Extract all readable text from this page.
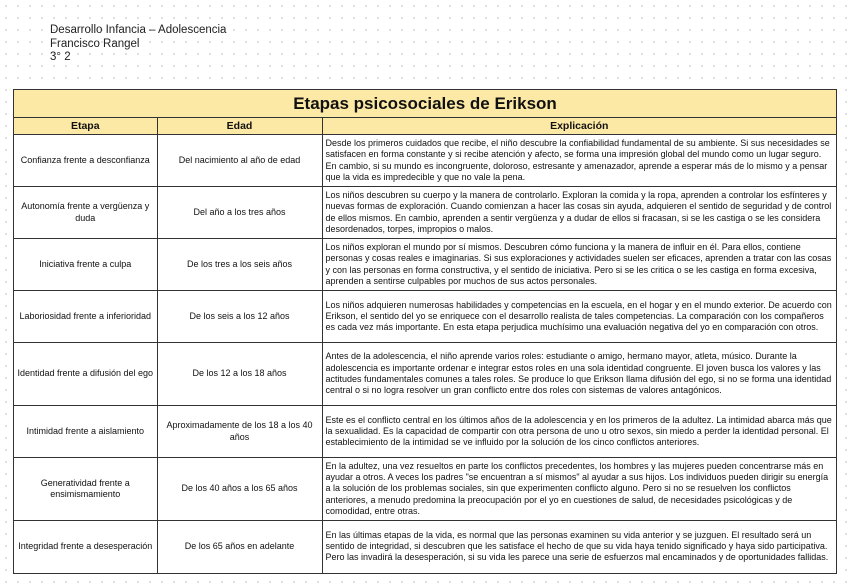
Desarrollo Infancia – Adolescencia
Francisco Rangel
3° 2
Etapas psicosociales de Erikson
Etapa	Edad	Explicación
Confianza frente a desconfianza	Del nacimiento al año de edad	Desde los primeros cuidados que recibe, el niño descubre la confiabilidad fundamental de su ambiente. Si sus necesidades se satisfacen en forma constante y si recibe atención y afecto, se forma una impresión global del mundo como un lugar seguro. En cambio, si su mundo es incongruente, doloroso, estresante y amenazador, aprende a esperar más de lo mismo y a pensar que la vida es impredecible y que no vale la pena.
Autonomía frente a vergüenza y duda	Del año a los tres años	Los niños descubren su cuerpo y la manera de controlarlo. Exploran la comida y la ropa, aprenden a controlar los esfínteres y nuevas formas de exploración. Cuando comienzan a hacer las cosas sin ayuda, adquieren el sentido de seguridad y de control de ellos mismos. En cambio, aprenden a sentir vergüenza y a dudar de ellos si fracasan, si se les castiga o se les considera desordenados, torpes, impropios o malos.
Iniciativa frente a culpa	De los tres a los seis años	Los niños exploran el mundo por sí mismos. Descubren cómo funciona y la manera de influir en él. Para ellos, contiene personas y cosas reales e imaginarias. Si sus exploraciones y actividades suelen ser eficaces, aprenden a tratar con las cosas y con las personas en forma constructiva, y el sentido de iniciativa. Pero si se les critica o se les castiga en forma excesiva, aprenden a sentirse culpables por muchos de sus actos personales.
Laboriosidad frente a inferioridad	De los seis a los 12 años	Los niños adquieren numerosas habilidades y competencias en la escuela, en el hogar y en el mundo exterior. De acuerdo con Erikson, el sentido del yo se enriquece con el desarrollo realista de tales competencias. La comparación con los compañeros es cada vez más importante. En esta etapa perjudica muchísimo una evaluación negativa del yo en comparación con otros.
Identidad frente a difusión del ego	De los 12 a los 18 años	Antes de la adolescencia, el niño aprende varios roles: estudiante o amigo, hermano mayor, atleta, músico. Durante la adolescencia es importante ordenar e integrar estos roles en una sola identidad congruente. El joven busca los valores y las actitudes fundamentales comunes a tales roles. Se produce lo que Erikson llama difusión del ego, si no se forma una identidad central o si no logra resolver un gran conflicto entre dos roles con sistemas de valores antagónicos.
Intimidad frente a aislamiento	Aproximadamente de los 18 a los 40 años	Este es el conflicto central en los últimos años de la adolescencia y en los primeros de la adultez. La intimidad abarca más que la sexualidad. Es la capacidad de compartir con otra persona de uno u otro sexos, sin miedo a perder la identidad personal. El establecimiento de la intimidad se ve influido por la solución de los cinco conflictos anteriores.
Generatividad frente a ensimismamiento	De los 40 años a los 65 años	En la adultez, una vez resueltos en parte los conflictos precedentes, los hombres y las mujeres pueden concentrarse más en ayudar a otros. A veces los padres "se encuentran a sí mismos" al ayudar a sus hijos. Los individuos pueden dirigir su energía a la solución de los problemas sociales, sin que experimenten conflicto alguno. Pero si no se resuelven los conflictos anteriores, a menudo predomina la preocupación por el yo en cuestiones de salud, de necesidades psicológicas y de comodidad, entre otras.
Integridad frente a desesperación	De los 65 años en adelante	En las últimas etapas de la vida, es normal que las personas examinen su vida anterior y se juzguen. El resultado será un sentido de integridad, si descubren que les satisface el hecho de que su vida haya tenido significado y haya sido participativa. Pero las invadirá la desesperación, si su vida les parece una serie de esfuerzos mal encaminados y de oportunidades fallidas.
